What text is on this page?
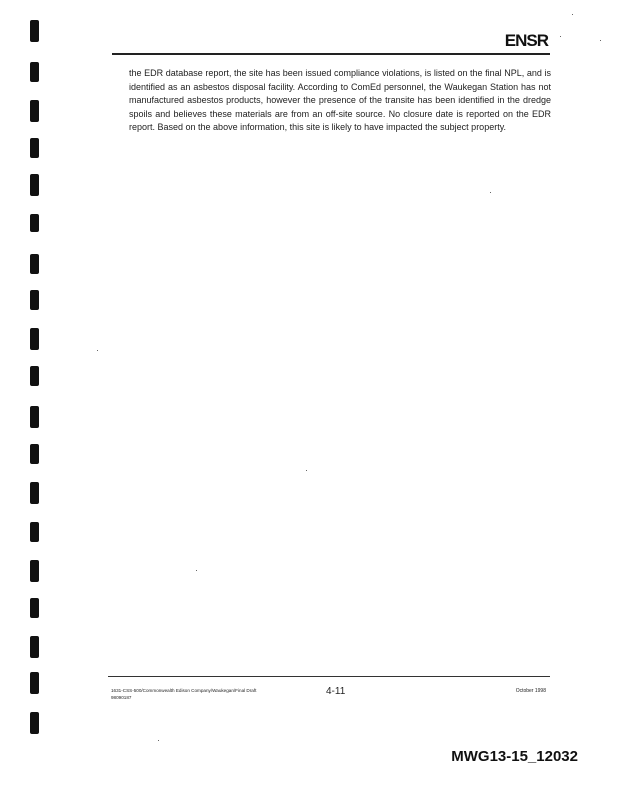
ENSR
the EDR database report, the site has been issued compliance violations, is listed on the final NPL, and is identified as an asbestos disposal facility. According to ComEd personnel, the Waukegan Station has not manufactured asbestos products, however the presence of the transite has been identified in the dredge spoils and believes these materials are from an off-site source. No closure date is reported on the EDR report. Based on the above information, this site is likely to have impacted the subject property.
1631-CSS-500/Commonwealth Edison Company/Waukegan/Final Draft
98090187
4-11	October 1998
MWG13-15_12032
